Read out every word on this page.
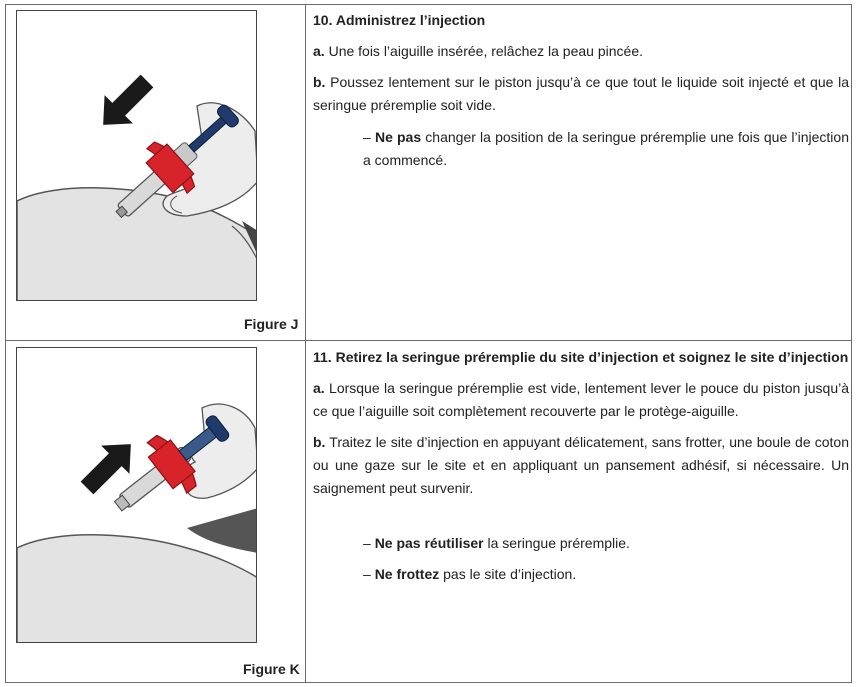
Figure J
Figure K

10. Administrez l’injection

a. Une fois l’aiguille insérée, relâchez la peau pincée.

b. Poussez lentement sur le piston jusqu’à ce que tout le liquide soit injecté et que la seringue préremplie soit vide.

– Ne pas changer la position de la seringue préremplie une fois que l’injection a commencé.

11. Retirez la seringue préremplie du site d’injection et soignez le site d’injection

a. Lorsque la seringue préremplie est vide, lentement lever le pouce du piston jusqu’à ce que l’aiguille soit complètement recouverte par le protège-aiguille.

b. Traitez le site d’injection en appuyant délicatement, sans frotter, une boule de coton ou une gaze sur le site et en appliquant un pansement adhésif, si nécessaire. Un saignement peut survenir.

– Ne pas réutiliser la seringue préremplie.
– Ne frottez pas le site d’injection.
